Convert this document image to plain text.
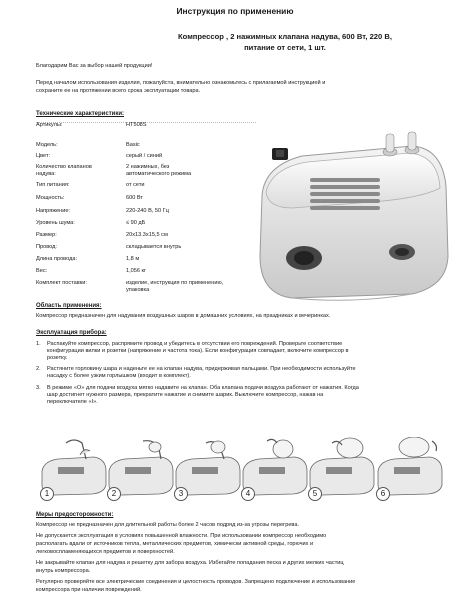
Инструкция по применению
Компрессор , 2 нажимных клапана надува, 600 Вт, 220 В,
питание от сети, 1 шт.
Благодарим Вас за выбор нашей продукции!
Перед началом использования изделия, пожалуйста, внимательно ознакомьтесь с прилагаемой инструкцией и
сохраните ее на протяжении всего срока эксплуатации товара.
Технические характеристики:
Артикулы:	HT508S
Модель:	Basic
Цвет:	серый / синий
Количество клапанов	2 нажимных, без
надува:	автоматического режима
Тип питания:	от сети
Мощность:	600 Вт
Напряжение:	220-240 В, 50 Гц
Уровень шума:	≤ 90 дБ
Размер:	20х13.3х15,5 см
Провод:	складывается внутрь
Длина провода:	1,8 м
Вес:	1,056 кг
Комплект поставки:	изделие, инструкция по применению,
упаковка
Область применения:
Компрессор предназначен для надувания воздушных шаров в домашних условиях, на праздниках и вечеринках.
Эксплуатация прибора:
1.	Распакуйте компрессор, распрямите провод и убедитесь в отсутствии его повреждений. Проверьте соответствие
конфигурации вилки и розетки (напряжение и частота тока). Если конфигурация совпадает, включите компрессор в
розетку.
2.	Растяните горловину шара и наденьте ее на клапан надува, придерживая пальцами. При необходимости используйте
насадку с более узким горлышком (входит в комплект).
3.	В режиме «O» для подачи воздуха мягко надавите на клапан. Оба клапана подачи воздуха работают от нажатия. Когда
шар достигнет нужного размера, прекратите нажатие и снимите шарик. Выключите компрессор, нажав на
переключателе «I».
1	2	3	4	5	6
Меры предосторожности:
Компрессор не предназначен для длительной работы более 2 часов подряд из-за угрозы перегрева.
Не допускается эксплуатация в условиях повышенной влажности. При использовании компрессор необходимо
располагать вдали от источников тепла, металлических предметов, химически активной среды, горючих и
легковоспламеняющихся предметов и поверхностей.
Не закрывайте клапан для надува и решетку для забора воздуха. Избегайте попадания песка и других мелких частиц
внутрь компрессора.
Регулярно проверяйте все электрические соединения и целостность проводов. Запрещено подключение и использование
компрессора при наличии повреждений.
